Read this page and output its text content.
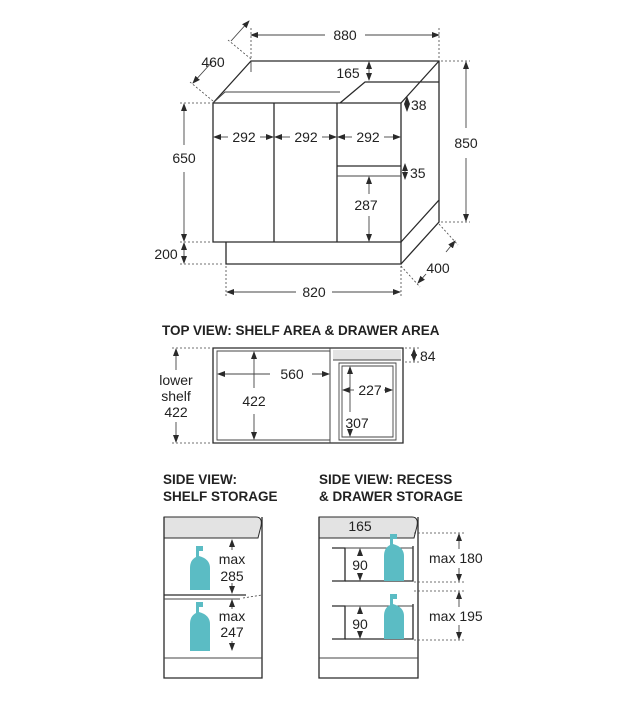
880
460
165
38
292	292	292	850
650
35
287
200
400
820
TOP VIEW: SHELF AREA & DRAWER AREA
560
422
lower
shelf
422
84
227
307
SIDE VIEW:
SHELF STORAGE
max
285
max
247
SIDE VIEW: RECESS
& DRAWER STORAGE
165
90
90
max 180
max 195
